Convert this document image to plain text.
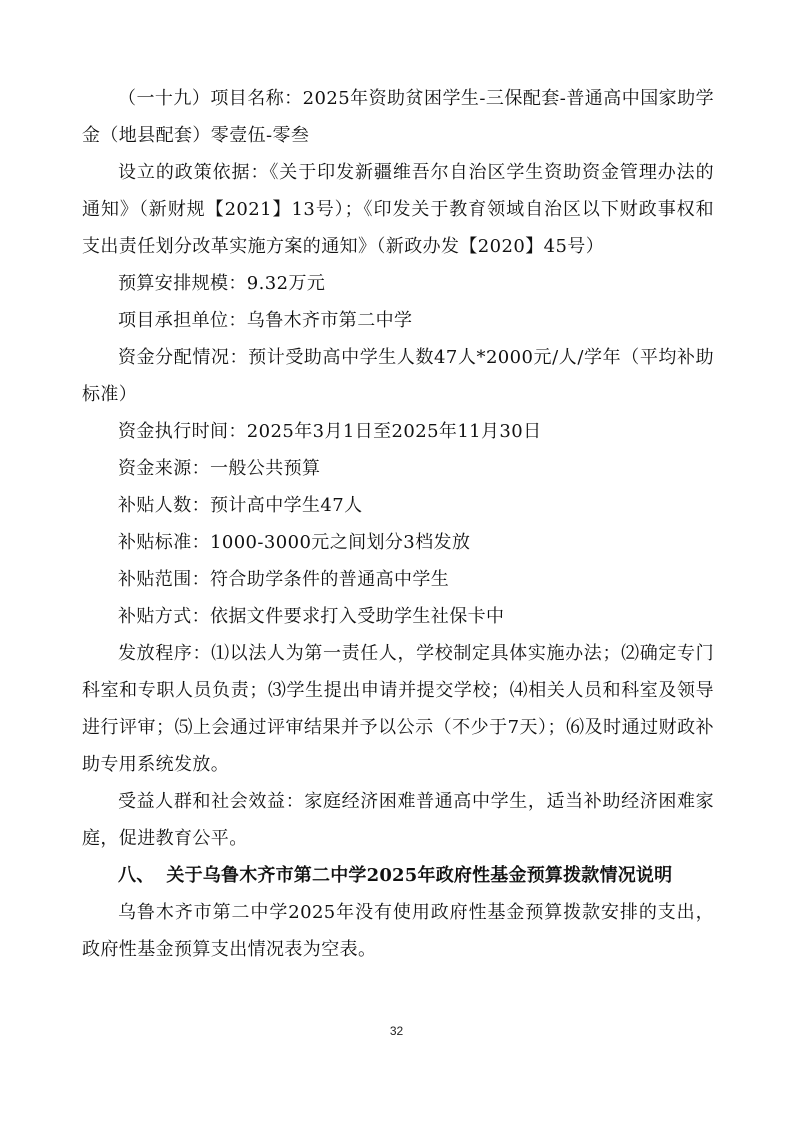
（一十九）项目名称：2025年资助贫困学生-三保配套-普通高中国家助学金（地县配套）零壹伍-零叁

设立的政策依据：《关于印发新疆维吾尔自治区学生资助资金管理办法的通知》（新财规【2021】13号）；《印发关于教育领域自治区以下财政事权和支出责任划分改革实施方案的通知》（新政办发【2020】45号）

预算安排规模：9.32万元

项目承担单位：乌鲁木齐市第二中学

资金分配情况：预计受助高中学生人数47人*2000元/人/学年（平均补助标准）

资金执行时间：2025年3月1日至2025年11月30日

资金来源：一般公共预算

补贴人数：预计高中学生47人

补贴标准：1000-3000元之间划分3档发放

补贴范围：符合助学条件的普通高中学生

补贴方式：依据文件要求打入受助学生社保卡中

发放程序：⑴以法人为第一责任人，学校制定具体实施办法；⑵确定专门科室和专职人员负责；⑶学生提出申请并提交学校；⑷相关人员和科室及领导进行评审；⑸上会通过评审结果并予以公示（不少于7天）；⑹及时通过财政补助专用系统发放。

受益人群和社会效益：家庭经济困难普通高中学生，适当补助经济困难家庭，促进教育公平。

八、 关于乌鲁木齐市第二中学2025年政府性基金预算拨款情况说明

乌鲁木齐市第二中学2025年没有使用政府性基金预算拨款安排的支出，政府性基金预算支出情况表为空表。

32
